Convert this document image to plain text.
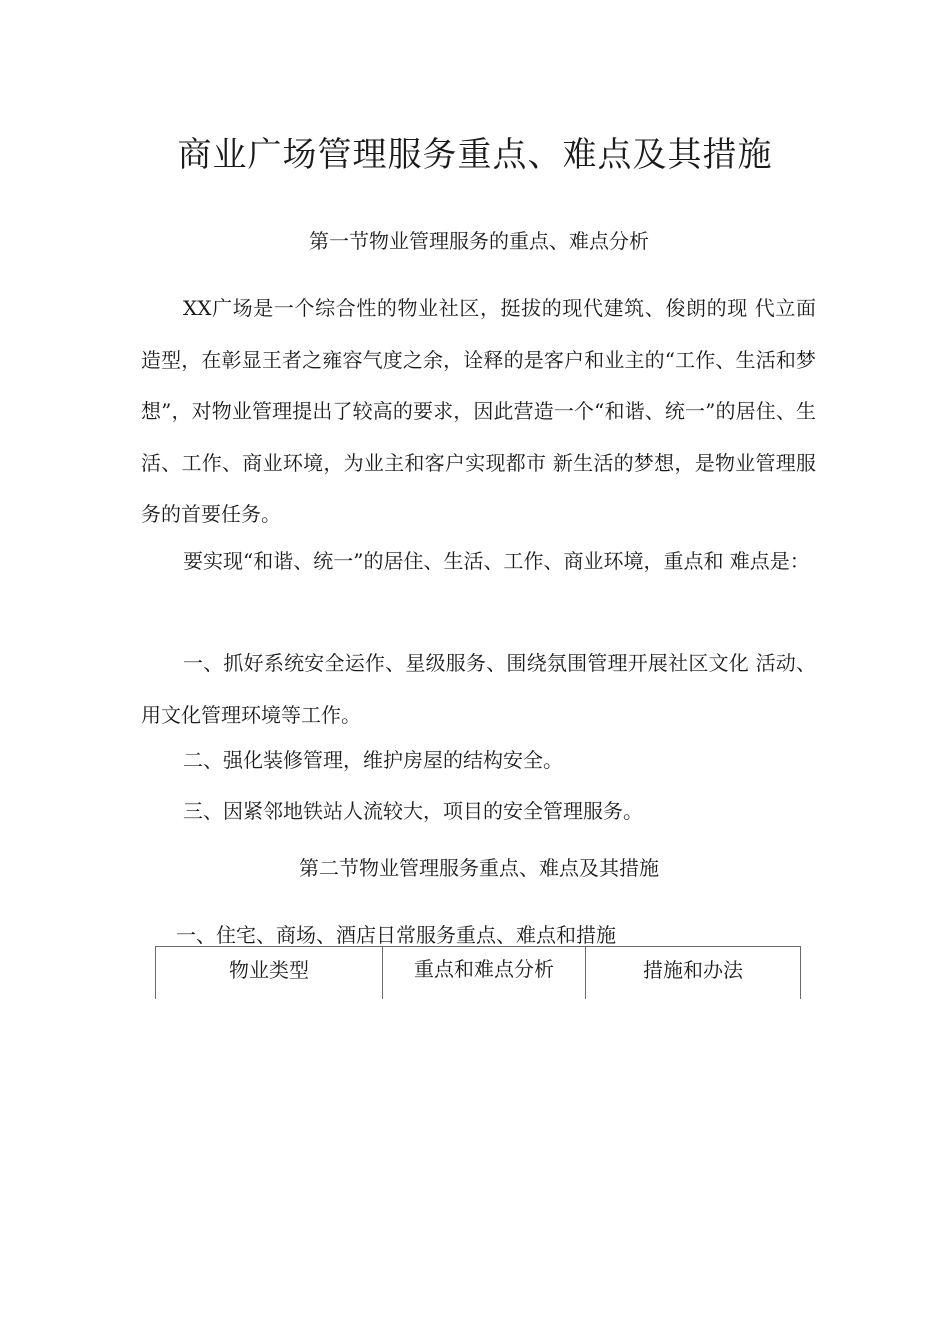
商业广场管理服务重点、难点及其措施
第一节物业管理服务的重点、难点分析

XX广场是一个综合性的物业社区，挺拔的现代建筑、俊朗的现 代立面造型，在彰显王者之雍容气度之余，诠释的是客户和业主的“工作、生活和梦想”，对物业管理提出了较高的要求，因此营造一个“和谐、统一”的居住、生活、工作、商业环境，为业主和客户实现都市 新生活的梦想，是物业管理服务的首要任务。

要实现“和谐、统一”的居住、生活、工作、商业环境，重点和 难点是：

一、抓好系统安全运作、星级服务、围绕氛围管理开展社区文化 活动、用文化管理环境等工作。

二、强化装修管理，维护房屋的结构安全。
三、因紧邻地铁站人流较大，项目的安全管理服务。
第二节物业管理服务重点、难点及其措施
一、住宅、商场、酒店日常服务重点、难点和措施
物业类型	重点和难点分析	措施和办法
